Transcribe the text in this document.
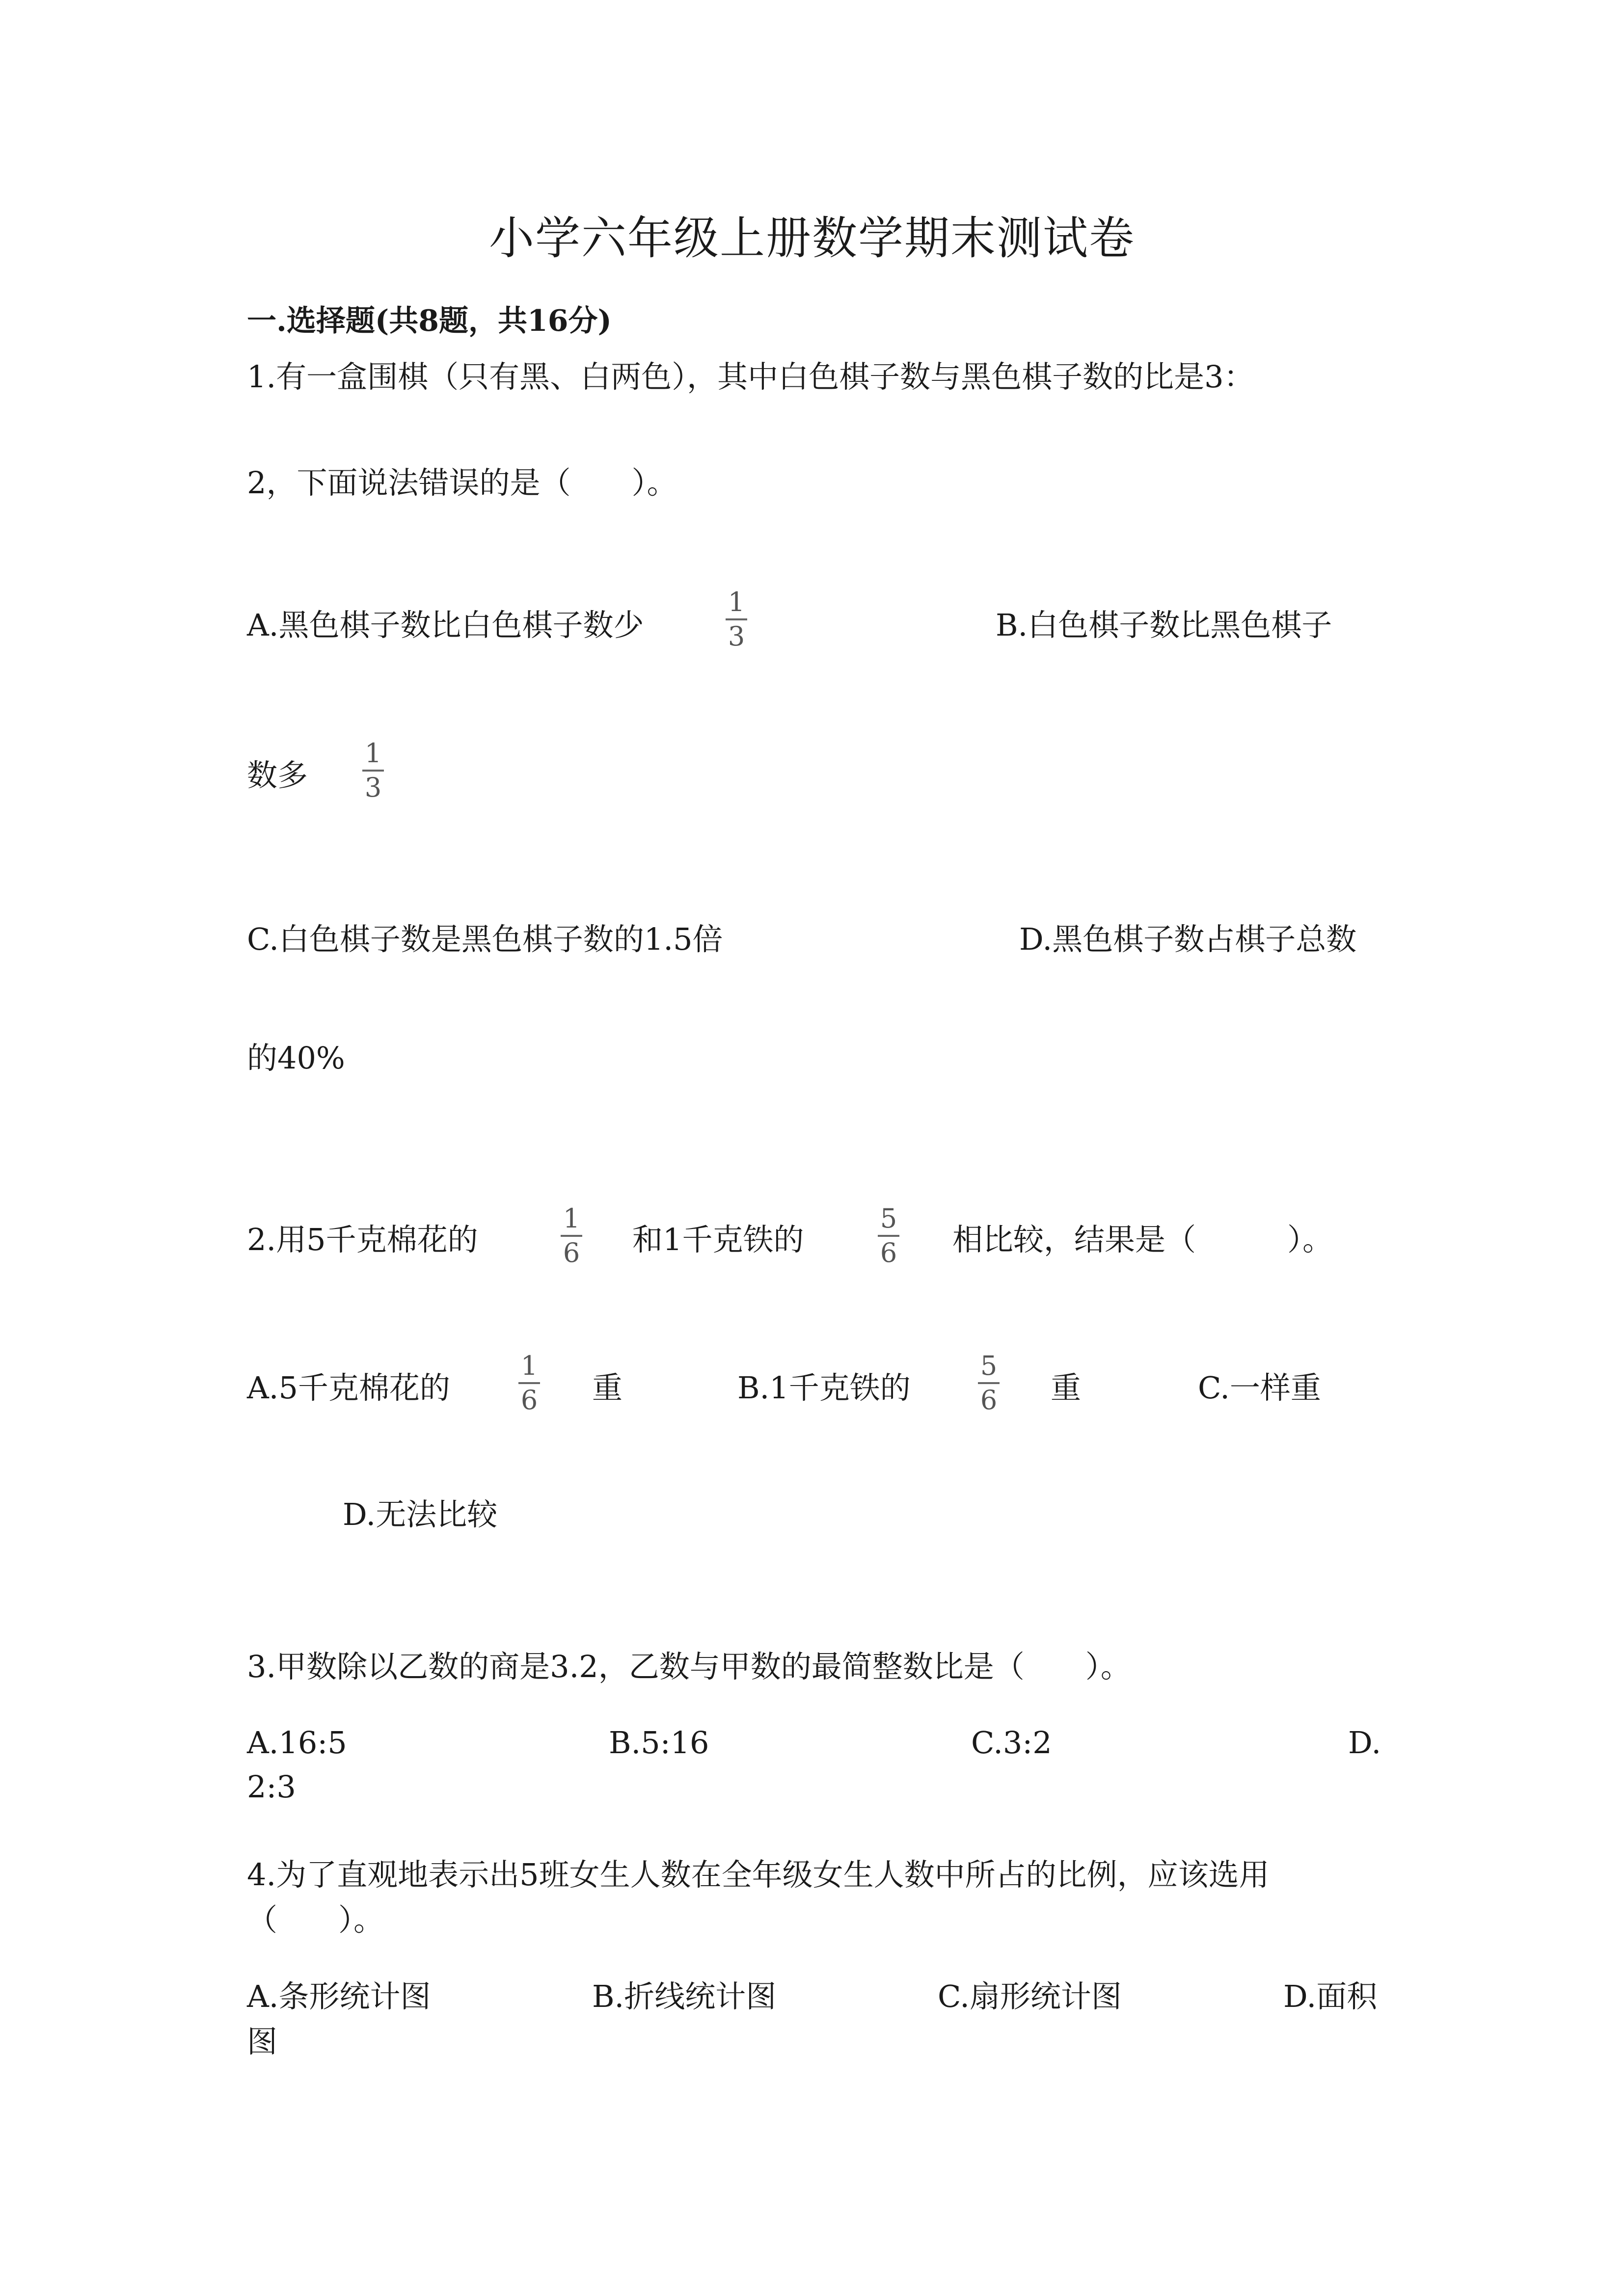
小学六年级上册数学期末测试卷
一.选择题(共8题，共16分)
1.有一盒围棋（只有黑、白两色），其中白色棋子数与黑色棋子数的比是3：
2，下面说法错误的是（　　）。
A.黑色棋子数比白色棋子数少
1
3	B.白色棋子数比黑色棋子
数多
1
3
C.白色棋子数是黑色棋子数的1.5倍	D.黑色棋子数占棋子总数
的40%
2.用5千克棉花的
1
6 和1千克铁的
5
6 相比较，结果是（　　　）。
A.5千克棉花的
1
6 重	B.1千克铁的
5
6 重	C.一样重
D.无法比较
3.甲数除以乙数的商是3.2，乙数与甲数的最简整数比是（　　）。
A.16:5	B.5:16	C.3:2	D.
2:3
4.为了直观地表示出5班女生人数在全年级女生人数中所占的比例，应该选用
（　　）。
A.条形统计图	B.折线统计图	C.扇形统计图	D.面积
图
